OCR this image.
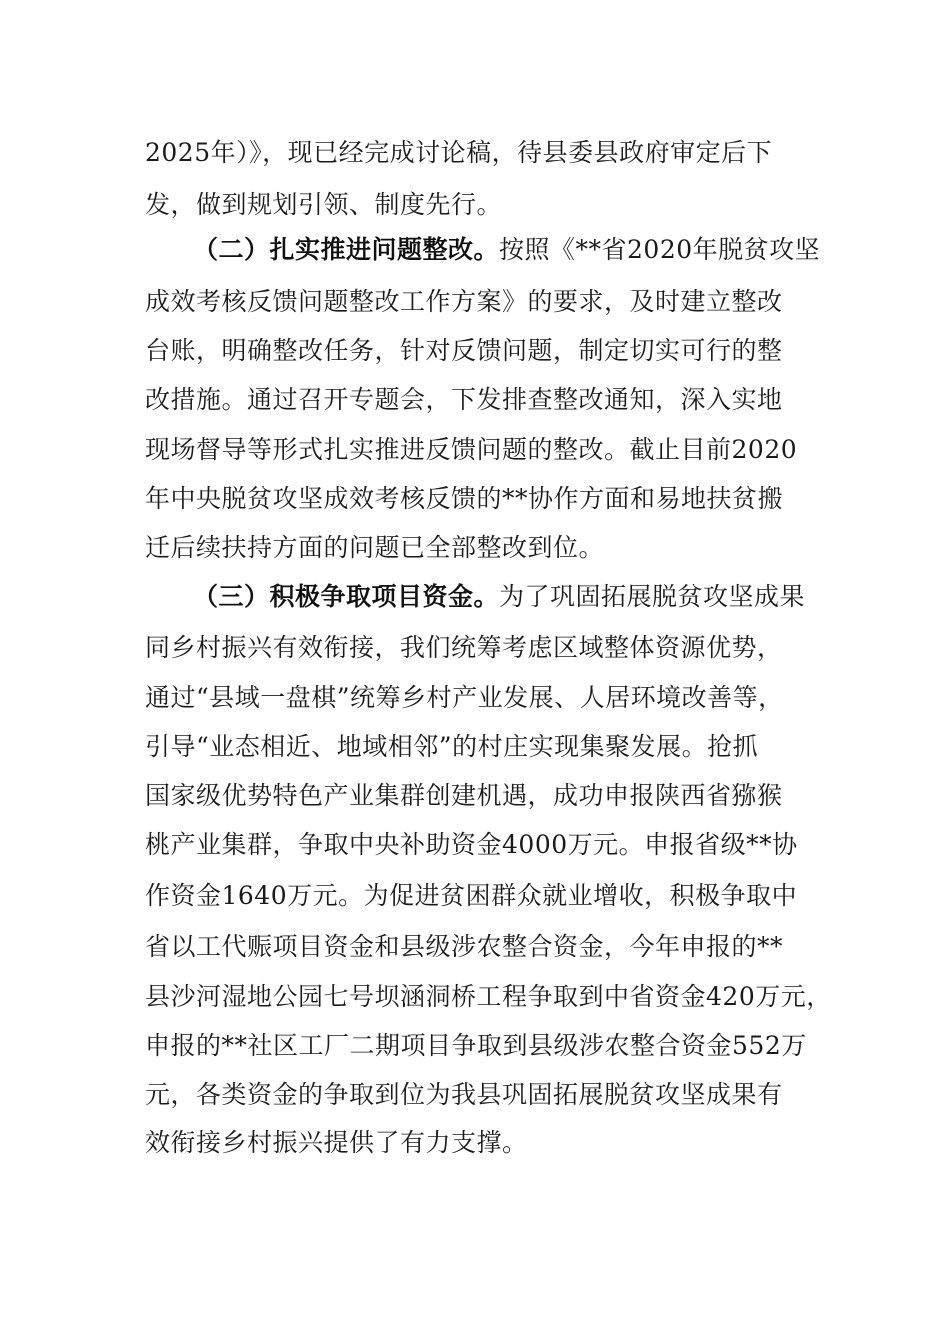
2025年）》，现已经完成讨论稿，待县委县政府审定后下
发，做到规划引领、制度先行。
（二）扎实推进问题整改。按照《**省2020年脱贫攻坚
成效考核反馈问题整改工作方案》的要求，及时建立整改
台账，明确整改任务，针对反馈问题，制定切实可行的整
改措施。通过召开专题会，下发排查整改通知，深入实地
现场督导等形式扎实推进反馈问题的整改。截止目前2020
年中央脱贫攻坚成效考核反馈的**协作方面和易地扶贫搬
迁后续扶持方面的问题已全部整改到位。
（三）积极争取项目资金。为了巩固拓展脱贫攻坚成果
同乡村振兴有效衔接，我们统筹考虑区域整体资源优势，
通过“县域一盘棋”统筹乡村产业发展、人居环境改善等，
引导“业态相近、地域相邻”的村庄实现集聚发展。抢抓
国家级优势特色产业集群创建机遇，成功申报陕西省猕猴
桃产业集群，争取中央补助资金4000万元。申报省级**协
作资金1640万元。为促进贫困群众就业增收，积极争取中
省以工代赈项目资金和县级涉农整合资金，今年申报的**
县沙河湿地公园七号坝涵洞桥工程争取到中省资金420万元，
申报的**社区工厂二期项目争取到县级涉农整合资金552万
元，各类资金的争取到位为我县巩固拓展脱贫攻坚成果有
效衔接乡村振兴提供了有力支撑。
